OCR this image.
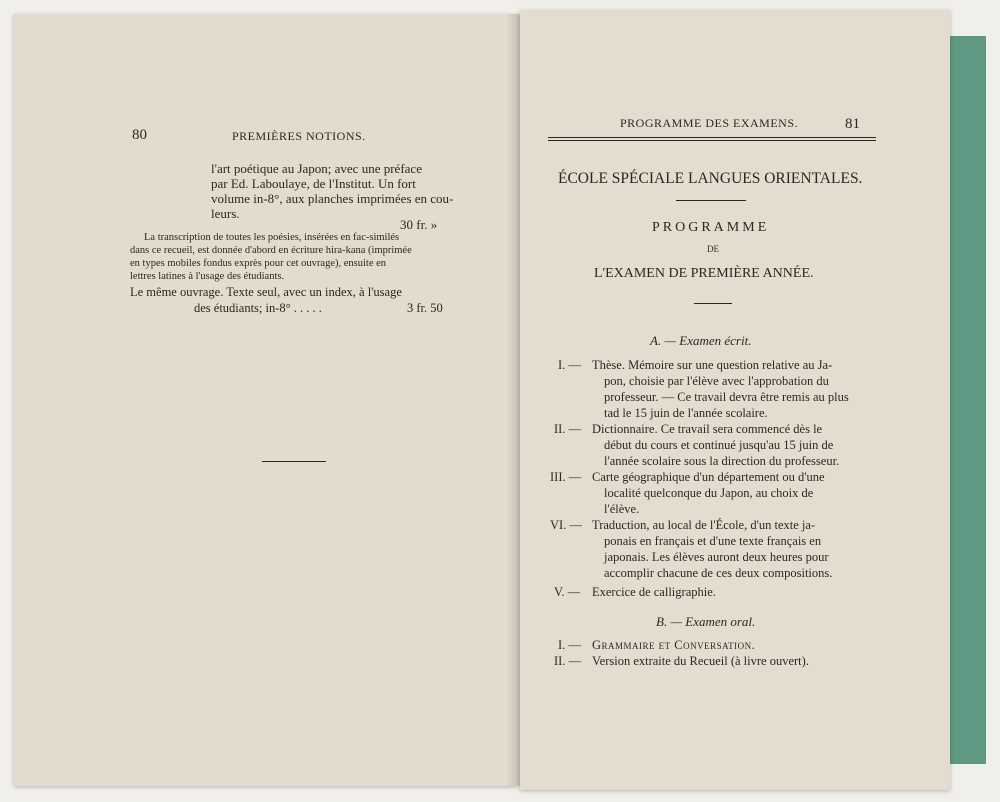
80	PREMIÈRES NOTIONS.
l'art poétique au Japon; avec une préface
par Ed. Laboulaye, de l'Institut. Un fort
volume in-8°, aux planches imprimées en cou-
leurs.
30 fr. »
La transcription de toutes les poésies, insérées en fac-similés
dans ce recueil, est donnée d'abord en écriture hira-kana (imprimée
en types mobiles fondus exprès pour cet ouvrage), ensuite en
lettres latines à l'usage des étudiants.
Le même ouvrage. Texte seul, avec un index, à l'usage
des étudiants; in-8° . . . . .	3 fr. 50
PROGRAMME DES EXAMENS.	81
ÉCOLE SPÉCIALE LANGUES ORIENTALES.
PROGRAMME
DE
L'EXAMEN DE PREMIÈRE ANNÉE.
A. — Examen écrit.
I. — Thèse. Mémoire sur une question relative au Ja-
pon, choisie par l'élève avec l'approbation du
professeur. — Ce travail devra être remis au plus
tad le 15 juin de l'année scolaire.
II. — Dictionnaire. Ce travail sera commencé dès le
début du cours et continué jusqu'au 15 juin de
l'année scolaire sous la direction du professeur.
III. — Carte géographique d'un département ou d'une
localité quelconque du Japon, au choix de
l'élève.
VI. — Traduction, au local de l'École, d'un texte ja-
ponais en français et d'une texte français en
japonais. Les élèves auront deux heures pour
accomplir chacune de ces deux compositions.
V. — Exercice de calligraphie.
B. — Examen oral.
I. — Grammaire et Conversation.
II. — Version extraite du Recueil (à livre ouvert).
